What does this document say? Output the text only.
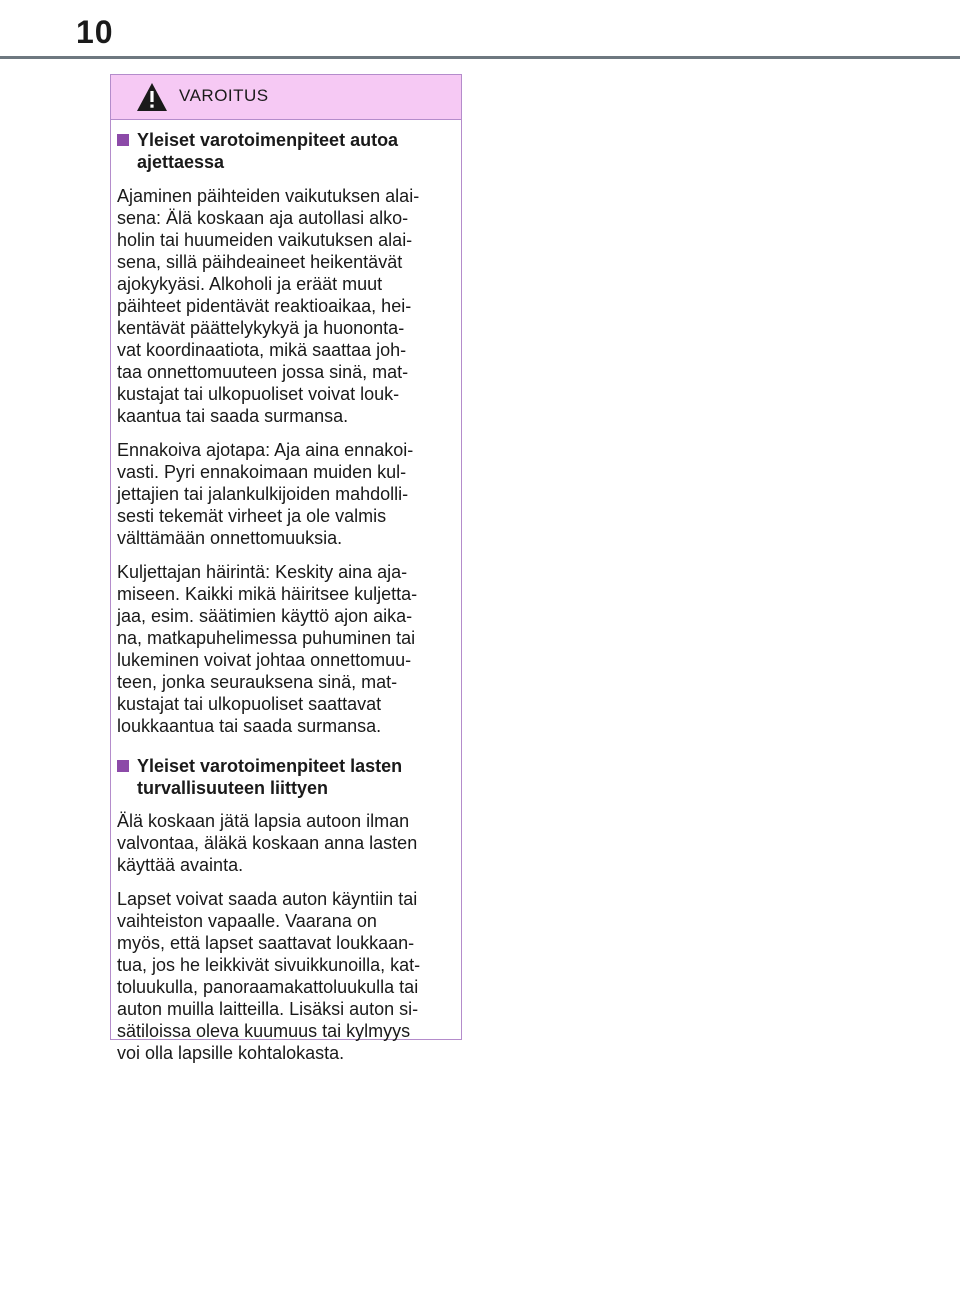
10
VAROITUS
Yleiset varotoimenpiteet autoa
ajettaessa

Ajaminen päihteiden vaikutuksen alai-
sena: Älä koskaan aja autollasi alko-
holin tai huumeiden vaikutuksen alai-
sena, sillä päihdeaineet heikentävät
ajokykyäsi. Alkoholi ja eräät muut
päihteet pidentävät reaktioaikaa, hei-
kentävät päättelykykyä ja huononta-
vat koordinaatiota, mikä saattaa joh-
taa onnettomuuteen jossa sinä, mat-
kustajat tai ulkopuoliset voivat louk-
kaantua tai saada surmansa.

Ennakoiva ajotapa: Aja aina ennakoi-
vasti. Pyri ennakoimaan muiden kul-
jettajien tai jalankulkijoiden mahdolli-
sesti tekemät virheet ja ole valmis
välttämään onnettomuuksia.

Kuljettajan häirintä: Keskity aina aja-
miseen. Kaikki mikä häiritsee kuljetta-
jaa, esim. säätimien käyttö ajon aika-
na, matkapuhelimessa puhuminen tai
lukeminen voivat johtaa onnettomuu-
teen, jonka seurauksena sinä, mat-
kustajat tai ulkopuoliset saattavat
loukkaantua tai saada surmansa.

Yleiset varotoimenpiteet lasten
turvallisuuteen liittyen

Älä koskaan jätä lapsia autoon ilman
valvontaa, äläkä koskaan anna lasten
käyttää avainta.

Lapset voivat saada auton käyntiin tai
vaihteiston vapaalle. Vaarana on
myös, että lapset saattavat loukkaan-
tua, jos he leikkivät sivuikkunoilla, kat-
toluukulla, panoraamakattoluukulla tai
auton muilla laitteilla. Lisäksi auton si-
sätiloissa oleva kuumuus tai kylmyys
voi olla lapsille kohtalokasta.
